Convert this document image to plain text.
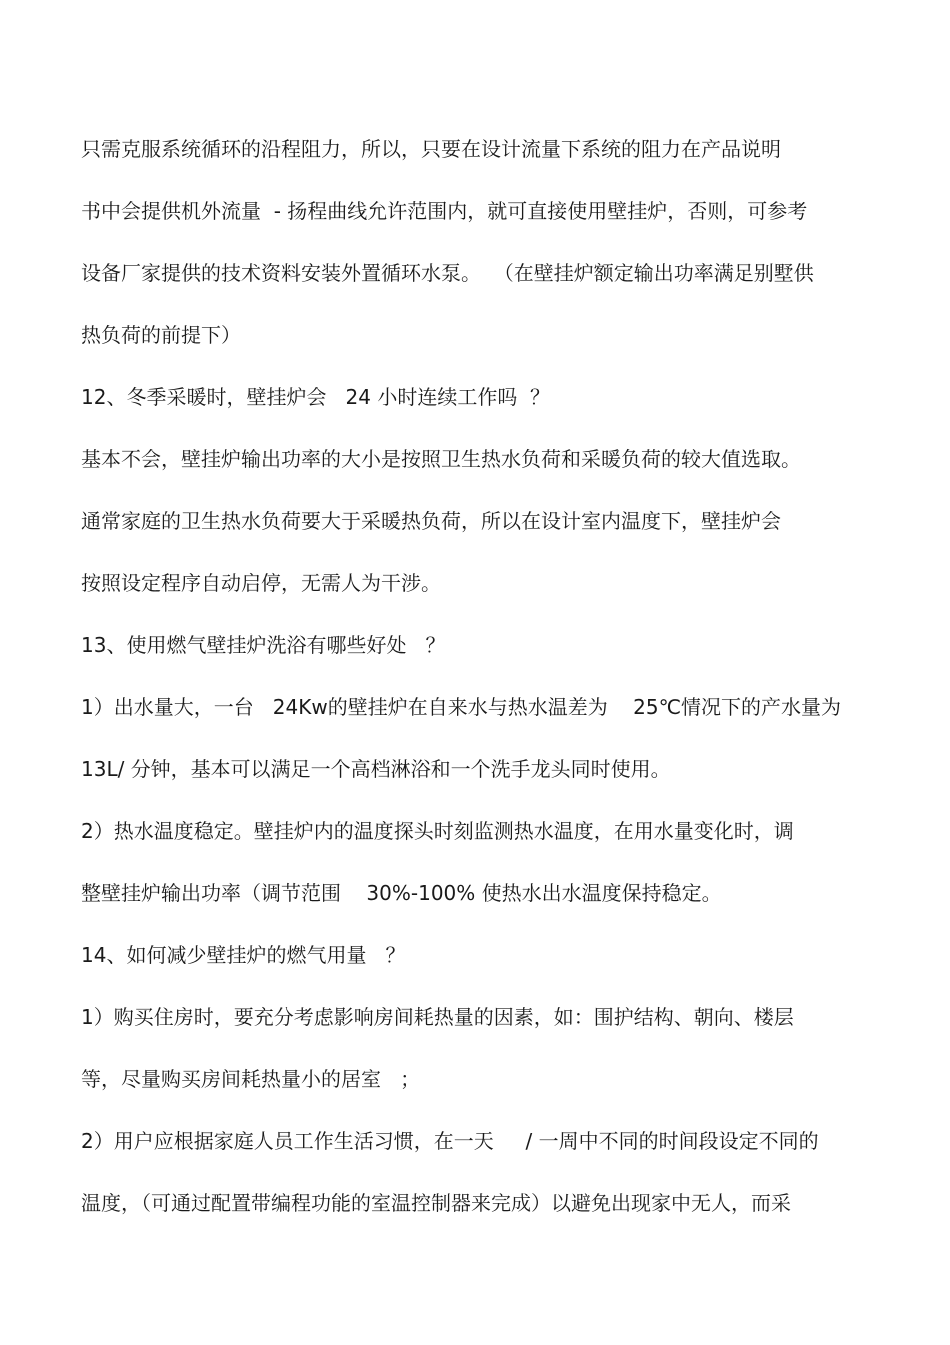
只需克服系统循环的沿程阻力，所以，只要在设计流量下系统的阻力在产品说明
书中会提供机外流量  - 扬程曲线允许范围内，就可直接使用壁挂炉，否则，可参考
设备厂家提供的技术资料安装外置循环水泵。  （在壁挂炉额定输出功率满足别墅供
热负荷的前提下）
12、冬季采暖时，壁挂炉会   24 小时连续工作吗  ？
基本不会，壁挂炉输出功率的大小是按照卫生热水负荷和采暖负荷的较大值选取。
通常家庭的卫生热水负荷要大于采暖热负荷，所以在设计室内温度下，壁挂炉会
按照设定程序自动启停，无需人为干涉。
13、使用燃气壁挂炉洗浴有哪些好处   ？
1）出水量大，一台   24Kw的壁挂炉在自来水与热水温差为    25℃情况下的产水量为
13L/ 分钟，基本可以满足一个高档淋浴和一个洗手龙头同时使用。
2）热水温度稳定。壁挂炉内的温度探头时刻监测热水温度，在用水量变化时，调
整壁挂炉输出功率（调节范围    30%-100% 使热水出水温度保持稳定。
14、如何减少壁挂炉的燃气用量   ？
1）购买住房时，要充分考虑影响房间耗热量的因素，如：围护结构、朝向、楼层
等，尽量购买房间耗热量小的居室   ；
2）用户应根据家庭人员工作生活习惯，在一天     / 一周中不同的时间段设定不同的
温度，（可通过配置带编程功能的室温控制器来完成）以避免出现家中无人，而采
